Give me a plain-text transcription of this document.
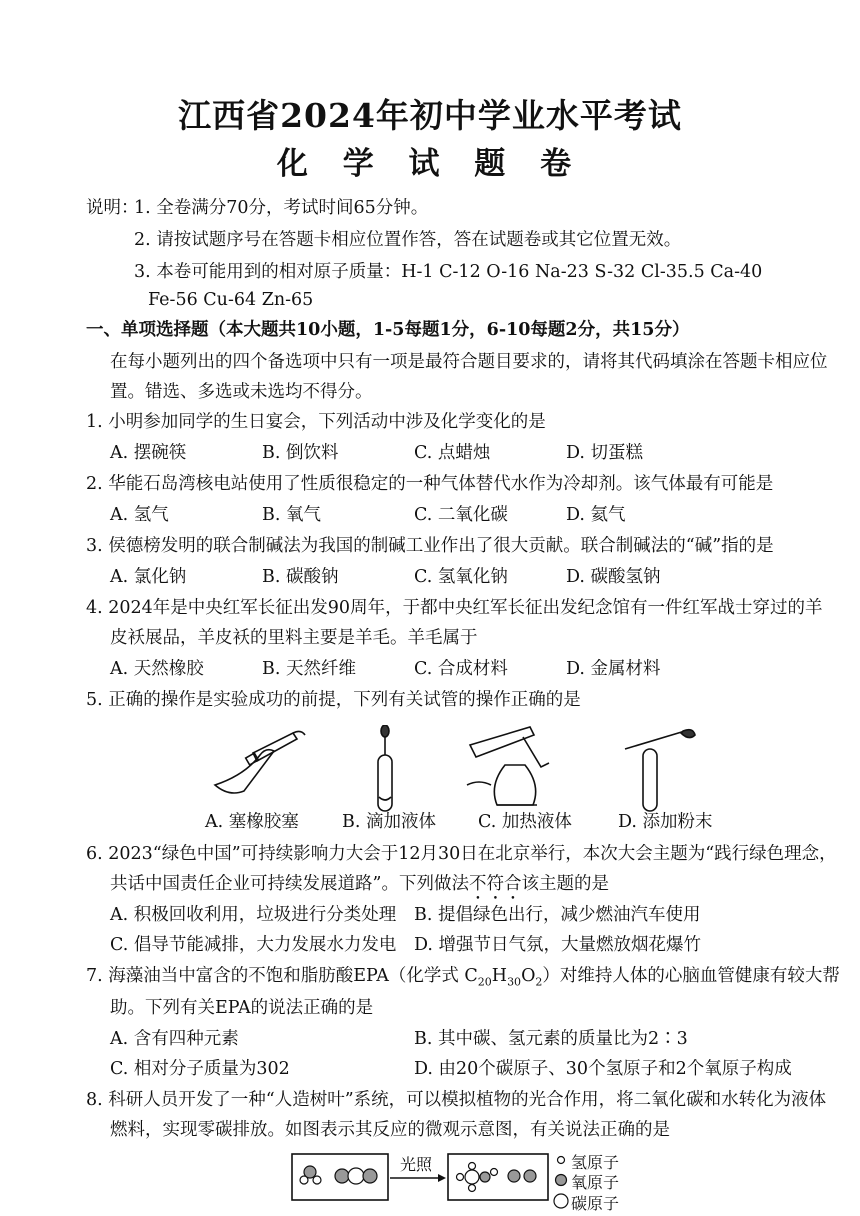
江西省2024年初中学业水平考试
化 学 试 题 卷
说明：
1. 全卷满分70分，考试时间65分钟。
2. 请按试题序号在答题卡相应位置作答，答在试题卷或其它位置无效。
3. 本卷可能用到的相对原子质量：H-1 C-12 O-16 Na-23 S-32 Cl-35.5 Ca-40
Fe-56 Cu-64 Zn-65
一、单项选择题（本大题共10小题，1-5每题1分，6-10每题2分，共15分）
在每小题列出的四个备选项中只有一项是最符合题目要求的，请将其代码填涂在答题卡相应位
置。错选、多选或未选均不得分。
1. 小明参加同学的生日宴会，下列活动中涉及化学变化的是
A. 摆碗筷	B. 倒饮料	C. 点蜡烛	D. 切蛋糕
2. 华能石岛湾核电站使用了性质很稳定的一种气体替代水作为冷却剂。该气体最有可能是
A. 氢气	B. 氧气	C. 二氧化碳	D. 氦气
3. 侯德榜发明的联合制碱法为我国的制碱工业作出了很大贡献。联合制碱法的“碱”指的是
A. 氯化钠	B. 碳酸钠	C. 氢氧化钠	D. 碳酸氢钠
4. 2024年是中央红军长征出发90周年，于都中央红军长征出发纪念馆有一件红军战士穿过的羊
皮袄展品，羊皮袄的里料主要是羊毛。羊毛属于
A. 天然橡胶	B. 天然纤维	C. 合成材料	D. 金属材料
5. 正确的操作是实验成功的前提，下列有关试管的操作正确的是
A. 塞橡胶塞 B. 滴加液体 C. 加热液体	D. 添加粉末
6. 2023“绿色中国”可持续影响力大会于12月30日在北京举行，本次大会主题为“践行绿色理念，
共话中国责任企业可持续发展道路”。下列做法不符合该主题的是
A. 积极回收利用，垃圾进行分类处理 B. 提倡绿色出行，减少燃油汽车使用
C. 倡导节能减排，大力发展水力发电 D. 增强节日气氛，大量燃放烟花爆竹
7. 海藻油当中富含的不饱和脂肪酸EPA（化学式 $C_{20}H_{30}O_2$）对维持人体的心脑血管健康有较大帮
助。下列有关EPA的说法正确的是
A. 含有四种元素	B. 其中碳、氢元素的质量比为2∶3
C. 相对分子质量为302	D. 由20个碳原子、30个氢原子和2个氧原子构成
8. 科研人员开发了一种“人造树叶”系统，可以模拟植物的光合作用，将二氧化碳和水转化为液体
燃料，实现零碳排放。如图表示其反应的微观示意图，有关说法正确的是
光照	氢原子
氧原子
碳原子
